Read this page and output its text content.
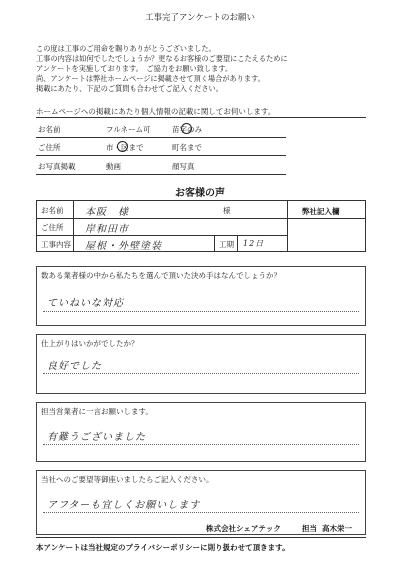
工事完了アンケートのお願い
この度は工事のご用命を賜りありがとうございました。
工事の内容は如何でしたでしょうか？更なるお客様のご要望にこたえるために
アンケートを実施しております。　ご協力をお願い致します。
尚、アンケートは弊社ホームページに掲載させて頂く場合があります。
掲載にあたり、下記のご質問も合わせてご記入ください。
ホームページへの掲載にあたり個人情報の記載に関してお伺いします。
お名前	フルネーム可	苗字のみ
ご住所	市・区まで	町名まで
お写真掲載	動画	顔写真
お客様の声
お名前 本阪　様	様	弊社記入欄
ご住所 岸和田市
工事内容 屋根・外壁塗装	工期 12日
数ある業者様の中から私たちを選んで頂いた決め手はなんでしょうか？
ていねいな対応
仕上がりはいかがでしたか？
良好でした
担当営業者に一言お願いします。
有難うございました
当社へのご要望等御座いましたらご記入ください。
アフターも宜しくお願いします
株式会社シェアテック	担当 高木栄一
本アンケートは当社規定のプライバシーポリシーに則り扱わせて頂きます。
